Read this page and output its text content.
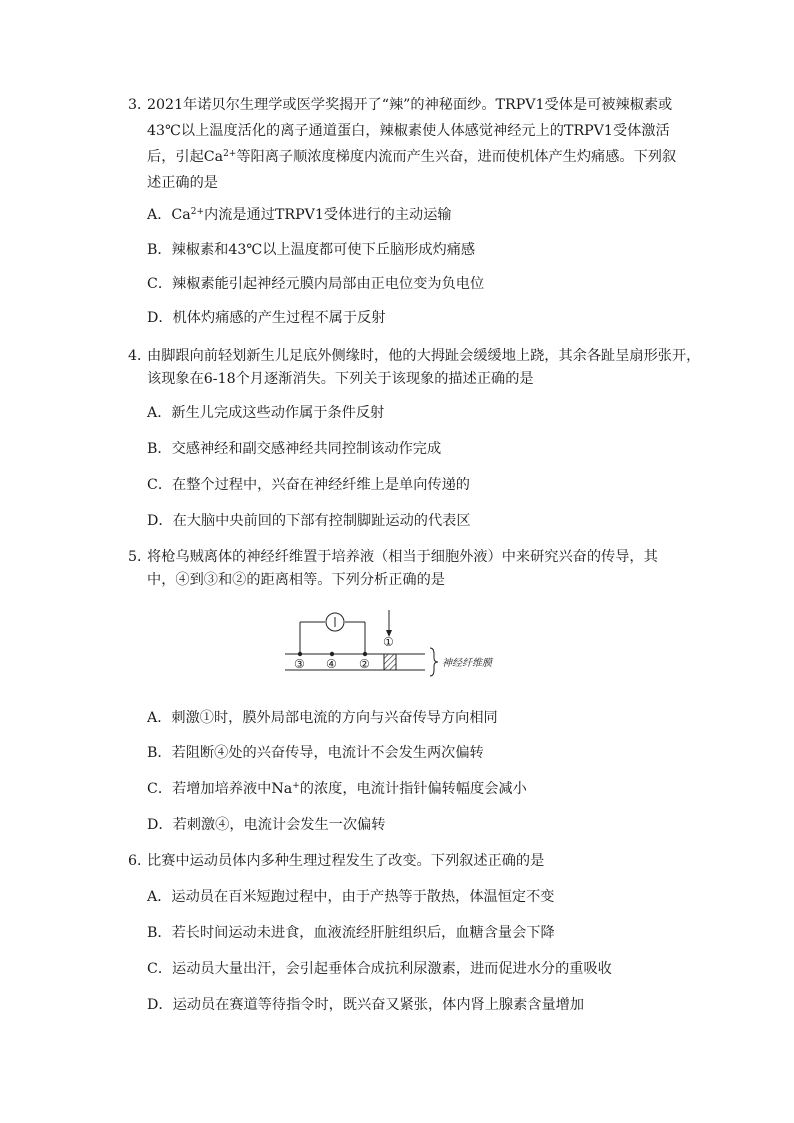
3．
2021年诺贝尔生理学或医学奖揭开了“辣”的神秘面纱。TRPV1受体是可被辣椒素或
43℃以上温度活化的离子通道蛋白，辣椒素使人体感觉神经元上的TRPV1受体激活
后，引起$Ca^{2+}$等阳离子顺浓度梯度内流而产生兴奋，进而使机体产生灼痛感。下列叙
述正确的是
A．$Ca^{2+}$内流是通过TRPV1受体进行的主动运输
B．辣椒素和43℃以上温度都可使下丘脑形成灼痛感
C．辣椒素能引起神经元膜内局部由正电位变为负电位
D．机体灼痛感的产生过程不属于反射
4．
由脚跟向前轻划新生儿足底外侧缘时，他的大拇趾会缓缓地上跷，其余各趾呈扇形张开，
该现象在6-18个月逐渐消失。下列关于该现象的描述正确的是
A．新生儿完成这些动作属于条件反射
B．交感神经和副交感神经共同控制该动作完成
C．在整个过程中，兴奋在神经纤维上是单向传递的
D．在大脑中央前回的下部有控制脚趾运动的代表区
5．
将枪乌贼离体的神经纤维置于培养液（相当于细胞外液）中来研究兴奋的传导，其
中，④到③和②的距离相等。下列分析正确的是
③ ④ ②
①
神经纤维膜
A．刺激①时，膜外局部电流的方向与兴奋传导方向相同
B．若阻断④处的兴奋传导，电流计不会发生两次偏转
C．若增加培养液中Na+的浓度，电流计指针偏转幅度会减小
D．若刺激④，电流计会发生一次偏转
6．
比赛中运动员体内多种生理过程发生了改变。下列叙述正确的是
A．运动员在百米短跑过程中，由于产热等于散热，体温恒定不变
B．若长时间运动未进食，血液流经肝脏组织后，血糖含量会下降
C．运动员大量出汗，会引起垂体合成抗利尿激素，进而促进水分的重吸收
D．运动员在赛道等待指令时，既兴奋又紧张，体内肾上腺素含量增加
